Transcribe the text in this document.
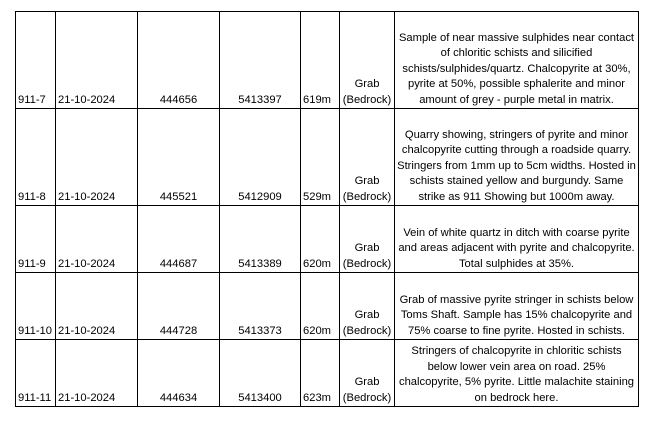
911-7	21-10-2024	444656	5413397	619m	Grab (Bedrock)	Sample of near massive sulphides near contact of chloritic schists and silicified schists/sulphides/quartz. Chalcopyrite at 30%, pyrite at 50%, possible sphalerite and minor amount of grey - purple metal in matrix.
911-8	21-10-2024	445521	5412909	529m	Grab (Bedrock)	Quarry showing, stringers of pyrite and minor chalcopyrite cutting through a roadside quarry. Stringers from 1mm up to 5cm widths. Hosted in schists stained yellow and burgundy. Same strike as 911 Showing but 1000m away.
911-9	21-10-2024	444687	5413389	620m	Grab (Bedrock)	Vein of white quartz in ditch with coarse pyrite and areas adjacent with pyrite and chalcopyrite. Total sulphides at 35%.
911-10	21-10-2024	444728	5413373	620m	Grab (Bedrock)	Grab of massive pyrite stringer in schists below Toms Shaft. Sample has 15% chalcopyrite and 75% coarse to fine pyrite. Hosted in schists.
911-11	21-10-2024	444634	5413400	623m	Grab (Bedrock)	Stringers of chalcopyrite in chloritic schists below lower vein area on road. 25% chalcopyrite, 5% pyrite. Little malachite staining on bedrock here.
